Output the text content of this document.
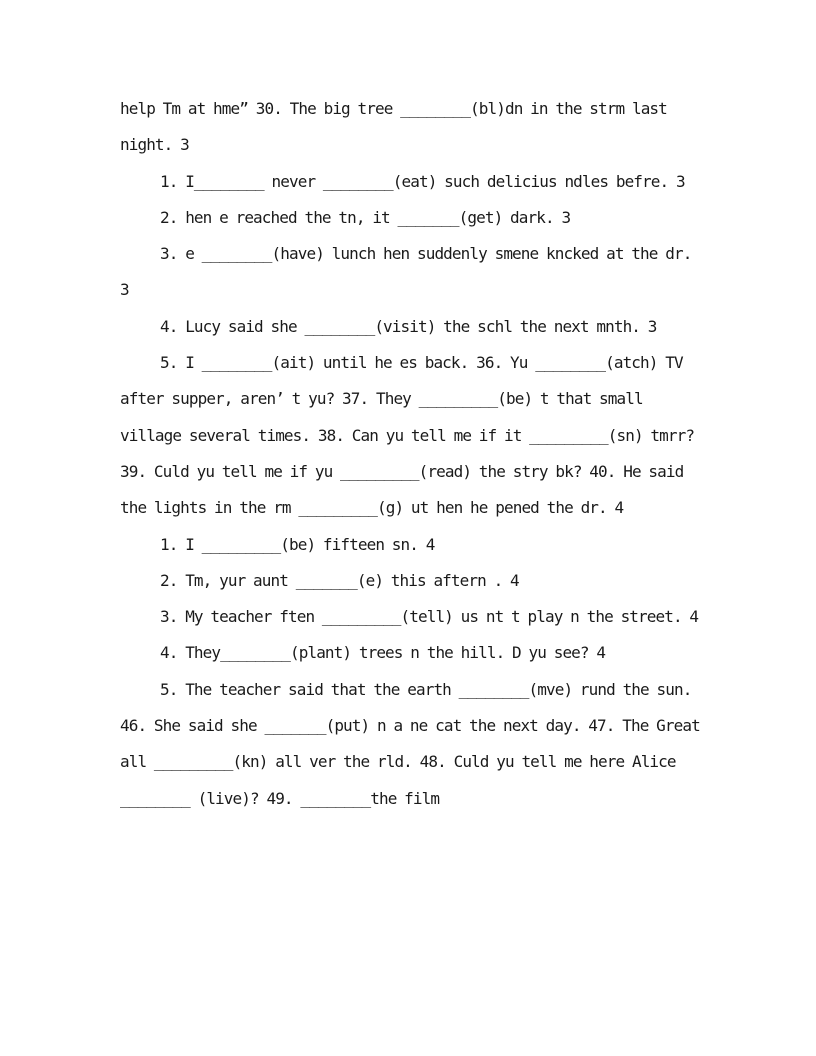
help Tm at hme” 30. The big tree ________(bl)dn in the strm last night. 3

1. I________ never ________(eat) such delicius ndles befre. 3

2. hen e reached the tn, it _______(get) dark. 3

3. e ________(have) lunch hen suddenly smene kncked at the dr. 3

4. Lucy said she ________(visit) the schl the next mnth. 3

5. I ________(ait) until he es back. 36. Yu ________(atch) TV after supper, aren’ t yu? 37. They _________(be) t that small village several times. 38. Can yu tell me if it _________(sn) tmrr? 39. Culd yu tell me if yu _________(read) the stry bk? 40. He said the lights in the rm _________(g) ut hen he pened the dr. 4

1. I _________(be) fifteen sn. 4

2. Tm, yur aunt _______(e) this aftern . 4

3. My teacher ften _________(tell) us nt t play n the street. 4

4. They________(plant) trees n the hill. D yu see? 4

5. The teacher said that the earth ________(mve) rund the sun. 46. She said she _______(put) n a ne cat the next day. 47. The Great all _________(kn) all ver the rld. 48. Culd yu tell me here Alice ________ (live)? 49. ________the film
